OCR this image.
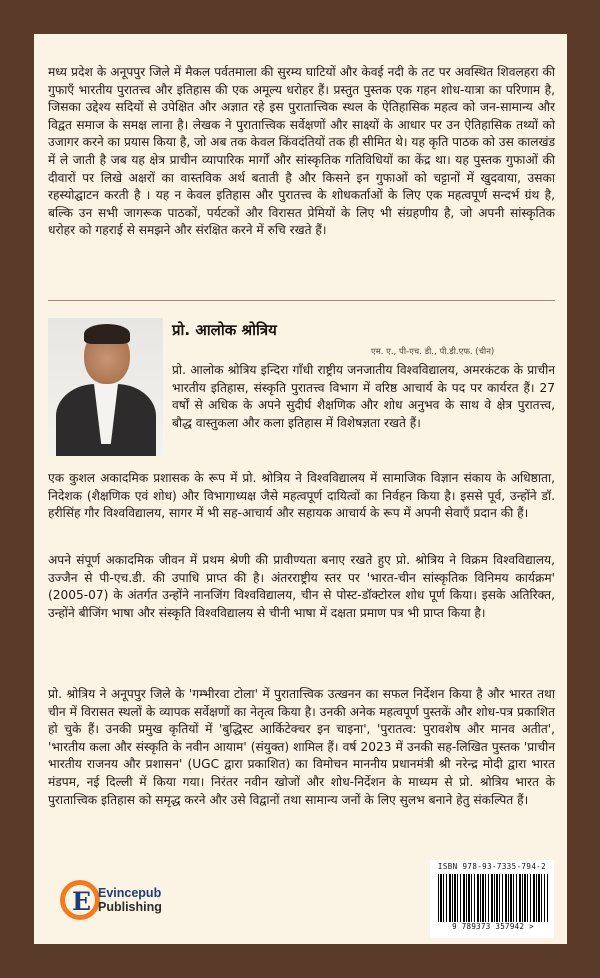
मध्य प्रदेश के अनूपपुर जिले में मैकल पर्वतमाला की सुरम्य घाटियों और केवई नदी के तट पर अवस्थित शिवलहरा की गुफाएँ भारतीय पुरातत्त्व और इतिहास की एक अमूल्य धरोहर हैं। प्रस्तुत पुस्तक एक गहन शोध-यात्रा का परिणाम है, जिसका उद्देश्य सदियों से उपेक्षित और अज्ञात रहे इस पुरातात्त्विक स्थल के ऐतिहासिक महत्व को जन-सामान्य और विद्वत समाज के समक्ष लाना है। लेखक ने पुरातात्त्विक सर्वेक्षणों और साक्ष्यों के आधार पर उन ऐतिहासिक तथ्यों को उजागर करने का प्रयास किया है, जो अब तक केवल किंवदंतियों तक ही सीमित थे। यह कृति पाठक को उस कालखंड में ले जाती है जब यह क्षेत्र प्राचीन व्यापारिक मार्गों और सांस्कृतिक गतिविधियों का केंद्र था। यह पुस्तक गुफाओं की दीवारों पर लिखे अक्षरों का वास्तविक अर्थ बताती है और किसने इन गुफाओं को चट्टानों में खुदवाया, उसका रहस्योद्घाटन करती है । यह न केवल इतिहास और पुरातत्त्व के शोधकर्ताओं के लिए एक महत्वपूर्ण सन्दर्भ ग्रंथ है, बल्कि उन सभी जागरूक पाठकों, पर्यटकों और विरासत प्रेमियों के लिए भी संग्रहणीय है, जो अपनी सांस्कृतिक धरोहर को गहराई से समझने और संरक्षित करने में रुचि रखते हैं।

प्रो. आलोक श्रोत्रिय

एम. ए., पी-एच. डी., पी.डी.एफ. (चीन)

प्रो. आलोक श्रोत्रिय इन्दिरा गाँधी राष्ट्रीय जनजातीय विश्वविद्यालय, अमरकंटक के प्राचीन भारतीय इतिहास, संस्कृति पुरातत्त्व विभाग में वरिष्ठ आचार्य के पद पर कार्यरत हैं। 27 वर्षों से अधिक के अपने सुदीर्घ शैक्षणिक और शोध अनुभव के साथ वे क्षेत्र पुरातत्त्व, बौद्ध वास्तुकला और कला इतिहास में विशेषज्ञता रखते हैं।

एक कुशल अकादमिक प्रशासक के रूप में प्रो. श्रोत्रिय ने विश्वविद्यालय में सामाजिक विज्ञान संकाय के अधिष्ठाता, निदेशक (शैक्षणिक एवं शोध) और विभागाध्यक्ष जैसे महत्वपूर्ण दायित्वों का निर्वहन किया है। इससे पूर्व, उन्होंने डॉ. हरीसिंह गौर विश्वविद्यालय, सागर में भी सह-आचार्य और सहायक आचार्य के रूप में अपनी सेवाएँ प्रदान की हैं।

अपने संपूर्ण अकादमिक जीवन में प्रथम श्रेणी की प्रावीण्यता बनाए रखते हुए प्रो. श्रोत्रिय ने विक्रम विश्वविद्यालय, उज्जैन से पी-एच.डी. की उपाधि प्राप्त की है। अंतरराष्ट्रीय स्तर पर 'भारत-चीन सांस्कृतिक विनिमय कार्यक्रम' (2005-07) के अंतर्गत उन्होंने नानजिंग विश्वविद्यालय, चीन से पोस्ट-डॉक्टोरल शोध पूर्ण किया। इसके अतिरिक्त, उन्होंने बीजिंग भाषा और संस्कृति विश्वविद्यालय से चीनी भाषा में दक्षता प्रमाण पत्र भी प्राप्त किया है।

प्रो. श्रोत्रिय ने अनूपपुर जिले के 'गम्भीरवा टोला' में पुरातात्त्विक उत्खनन का सफल निर्देशन किया है और भारत तथा चीन में विरासत स्थलों के व्यापक सर्वेक्षणों का नेतृत्व किया है। उनकी अनेक महत्वपूर्ण पुस्तकें और शोध-पत्र प्रकाशित हो चुके हैं। उनकी प्रमुख कृतियों में 'बुद्धिस्ट आर्किटेक्चर इन चाइना', 'पुरातत्व: पुरावशेष और मानव अतीत', 'भारतीय कला और संस्कृति के नवीन आयाम' (संयुक्त) शामिल हैं। वर्ष 2023 में उनकी सह-लिखित पुस्तक 'प्राचीन भारतीय राजनय और प्रशासन' (UGC द्वारा प्रकाशित) का विमोचन माननीय प्रधानमंत्री श्री नरेन्द्र मोदी द्वारा भारत मंडपम, नई दिल्ली में किया गया। निरंतर नवीन खोजों और शोध-निर्देशन के माध्यम से प्रो. श्रोत्रिय भारत के पुरातात्त्विक इतिहास को समृद्ध करने और उसे विद्वानों तथा सामान्य जनों के लिए सुलभ बनाने हेतु संकल्पित हैं।

E Evincepub
Publishing

ISBN 978-93-7335-794-2

9 789373 357942 >
